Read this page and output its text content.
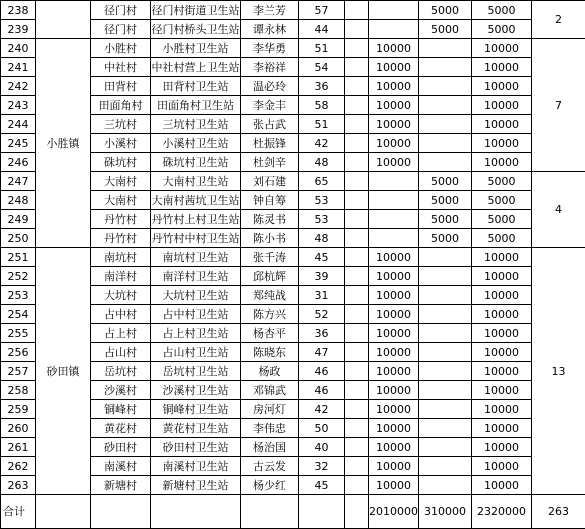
238		径门村	径门村街道卫生站	李兰芳	57			5000	5000	2
239		径门村	径门村桥头卫生站	谭永林	44			5000	5000	
240	小胜镇	小胜村	小胜村卫生站	李华勇	51		10000		10000	7
241		中社村	中社村营上卫生站	李裕祥	54		10000		10000	
242		田背村	田背村卫生站	温必玲	36		10000		10000	
243		田面角村	田面角村卫生站	李金丰	58		10000		10000	
244		三坑村	三坑村卫生站	张占武	51		10000		10000	
245		小溪村	小溪村卫生站	杜振锋	42		10000		10000	
246		硃坑村	硃坑村卫生站	杜剑辛	48		10000		10000	
247		大南村	大南村卫生站	刘石建	65			5000	5000	4
248		大南村	大南村茜坑卫生站	钟自筹	53			5000	5000	
249		丹竹村	丹竹村上村卫生站	陈灵书	53			5000	5000	
250		丹竹村	丹竹村中村卫生站	陈小书	48			5000	5000	
251	砂田镇	南坑村	南坑村卫生站	张千涛	45		10000		10000	13
252		南洋村	南洋村卫生站	邱杭辉	39		10000		10000	
253		大坑村	大坑村卫生站	郑纯战	31		10000		10000	
254		占中村	占中村卫生站	陈方兴	52		10000		10000	
255		占上村	占上村卫生站	杨杏平	36		10000		10000	
256		占山村	占山村卫生站	陈晓东	47		10000		10000	
257		岳坑村	岳坑村卫生站	杨政	46		10000		10000	
258		沙溪村	沙溪村卫生站	邓锦武	46		10000		10000	
259		铜峰村	铜峰村卫生站	房河灯	42		10000		10000	
260		黄花村	黄花村卫生站	李伟忠	50		10000		10000	
261		砂田村	砂田村卫生站	杨治国	40		10000		10000	
262		南溪村	南溪村卫生站	古云发	32		10000		10000	
263		新塘村	新塘村卫生站	杨少红	45		10000		10000	
合计							2010000	310000	2320000	263
